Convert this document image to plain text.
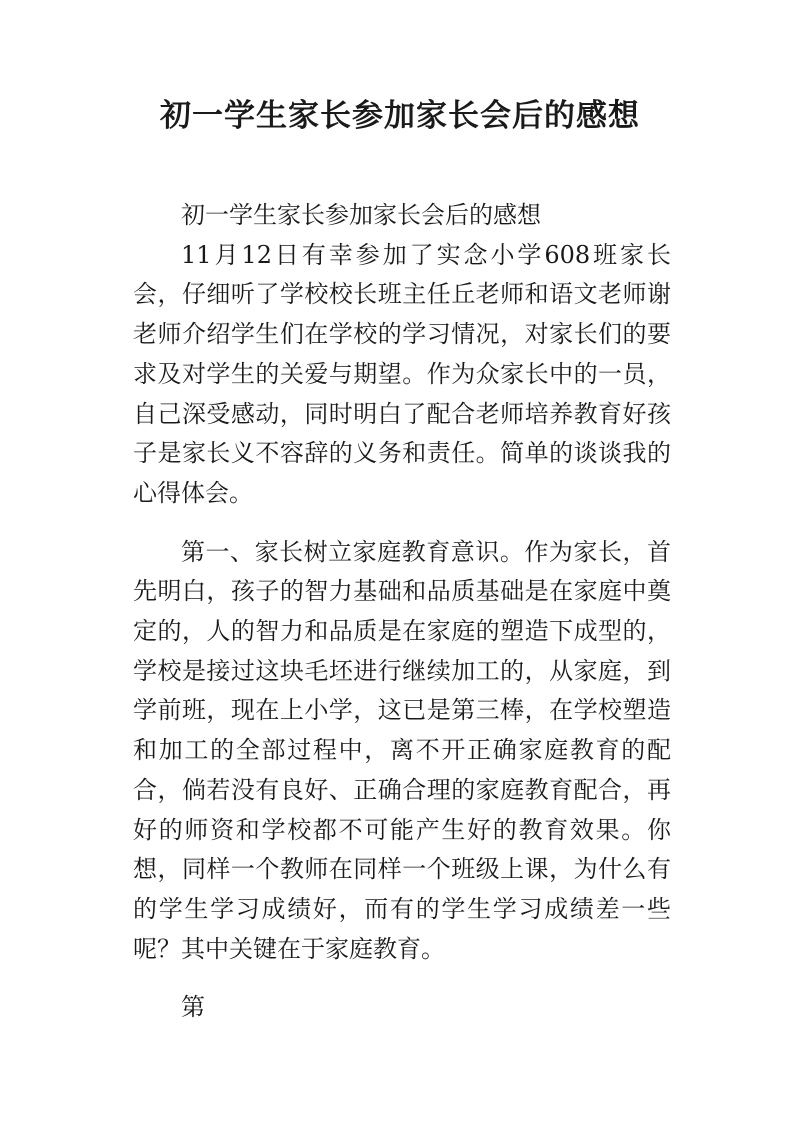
初一学生家长参加家长会后的感想

初一学生家长参加家长会后的感想

11月12日有幸参加了实念小学608班家长会，仔细听了学校校长班主任丘老师和语文老师谢老师介绍学生们在学校的学习情况，对家长们的要求及对学生的关爱与期望。作为众家长中的一员，自己深受感动，同时明白了配合老师培养教育好孩子是家长义不容辞的义务和责任。简单的谈谈我的心得体会。

第一、家长树立家庭教育意识。作为家长，首先明白，孩子的智力基础和品质基础是在家庭中奠定的，人的智力和品质是在家庭的塑造下成型的，学校是接过这块毛坯进行继续加工的，从家庭，到学前班，现在上小学，这已是第三棒，在学校塑造和加工的全部过程中，离不开正确家庭教育的配合，倘若没有良好、正确合理的家庭教育配合，再好的师资和学校都不可能产生好的教育效果。你想，同样一个教师在同样一个班级上课，为什么有的学生学习成绩好，而有的学生学习成绩差一些呢？其中关键在于家庭教育。

第
